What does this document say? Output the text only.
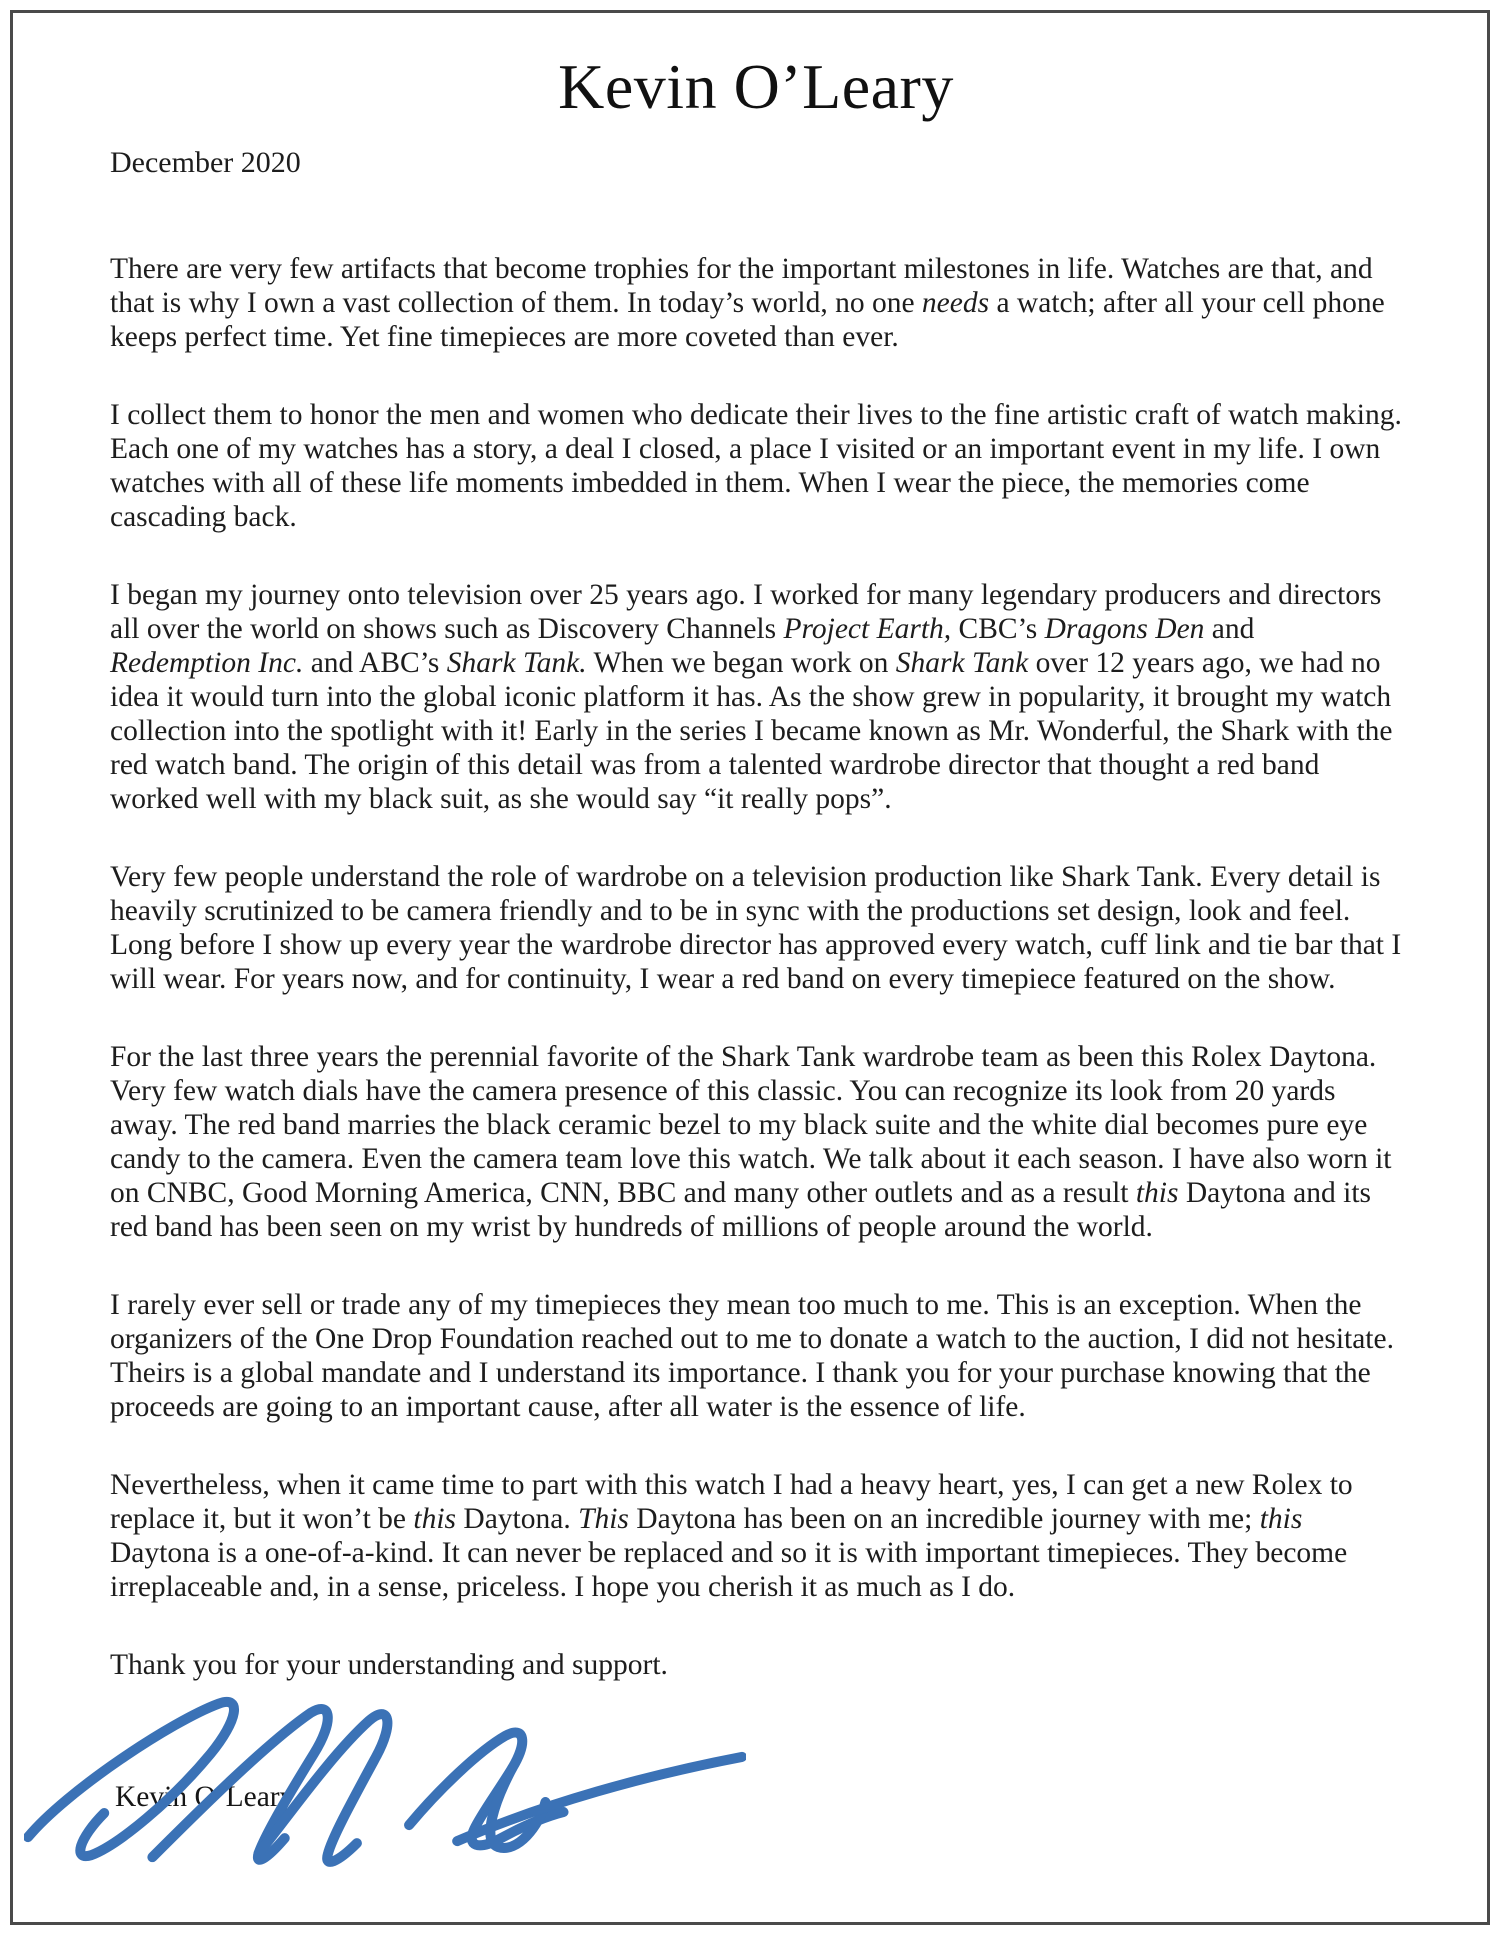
Kevin O’Leary
December 2020

There are very few artifacts that become trophies for the important milestones in life. Watches are that, and that is why I own a vast collection of them. In today’s world, no one needs a watch; after all your cell phone keeps perfect time. Yet fine timepieces are more coveted than ever.

I collect them to honor the men and women who dedicate their lives to the fine artistic craft of watch making. Each one of my watches has a story, a deal I closed, a place I visited or an important event in my life. I own watches with all of these life moments imbedded in them. When I wear the piece, the memories come cascading back.

I began my journey onto television over 25 years ago. I worked for many legendary producers and directors all over the world on shows such as Discovery Channels Project Earth, CBC’s Dragons Den and Redemption Inc. and ABC’s Shark Tank. When we began work on Shark Tank over 12 years ago, we had no idea it would turn into the global iconic platform it has. As the show grew in popularity, it brought my watch collection into the spotlight with it! Early in the series I became known as Mr. Wonderful, the Shark with the red watch band. The origin of this detail was from a talented wardrobe director that thought a red band worked well with my black suit, as she would say “it really pops”.

Very few people understand the role of wardrobe on a television production like Shark Tank. Every detail is heavily scrutinized to be camera friendly and to be in sync with the productions set design, look and feel. Long before I show up every year the wardrobe director has approved every watch, cuff link and tie bar that I will wear. For years now, and for continuity, I wear a red band on every timepiece featured on the show.

For the last three years the perennial favorite of the Shark Tank wardrobe team as been this Rolex Daytona. Very few watch dials have the camera presence of this classic. You can recognize its look from 20 yards away. The red band marries the black ceramic bezel to my black suite and the white dial becomes pure eye candy to the camera. Even the camera team love this watch. We talk about it each season. I have also worn it on CNBC, Good Morning America, CNN, BBC and many other outlets and as a result this Daytona and its red band has been seen on my wrist by hundreds of millions of people around the world.

I rarely ever sell or trade any of my timepieces they mean too much to me. This is an exception. When the organizers of the One Drop Foundation reached out to me to donate a watch to the auction, I did not hesitate. Theirs is a global mandate and I understand its importance. I thank you for your purchase knowing that the proceeds are going to an important cause, after all water is the essence of life.

Nevertheless, when it came time to part with this watch I had a heavy heart, yes, I can get a new Rolex to replace it, but it won’t be this Daytona. This Daytona has been on an incredible journey with me; this Daytona is a one-of-a-kind. It can never be replaced and so it is with important timepieces. They become irreplaceable and, in a sense, priceless. I hope you cherish it as much as I do.

Thank you for your understanding and support.

Kevin O’Leary
